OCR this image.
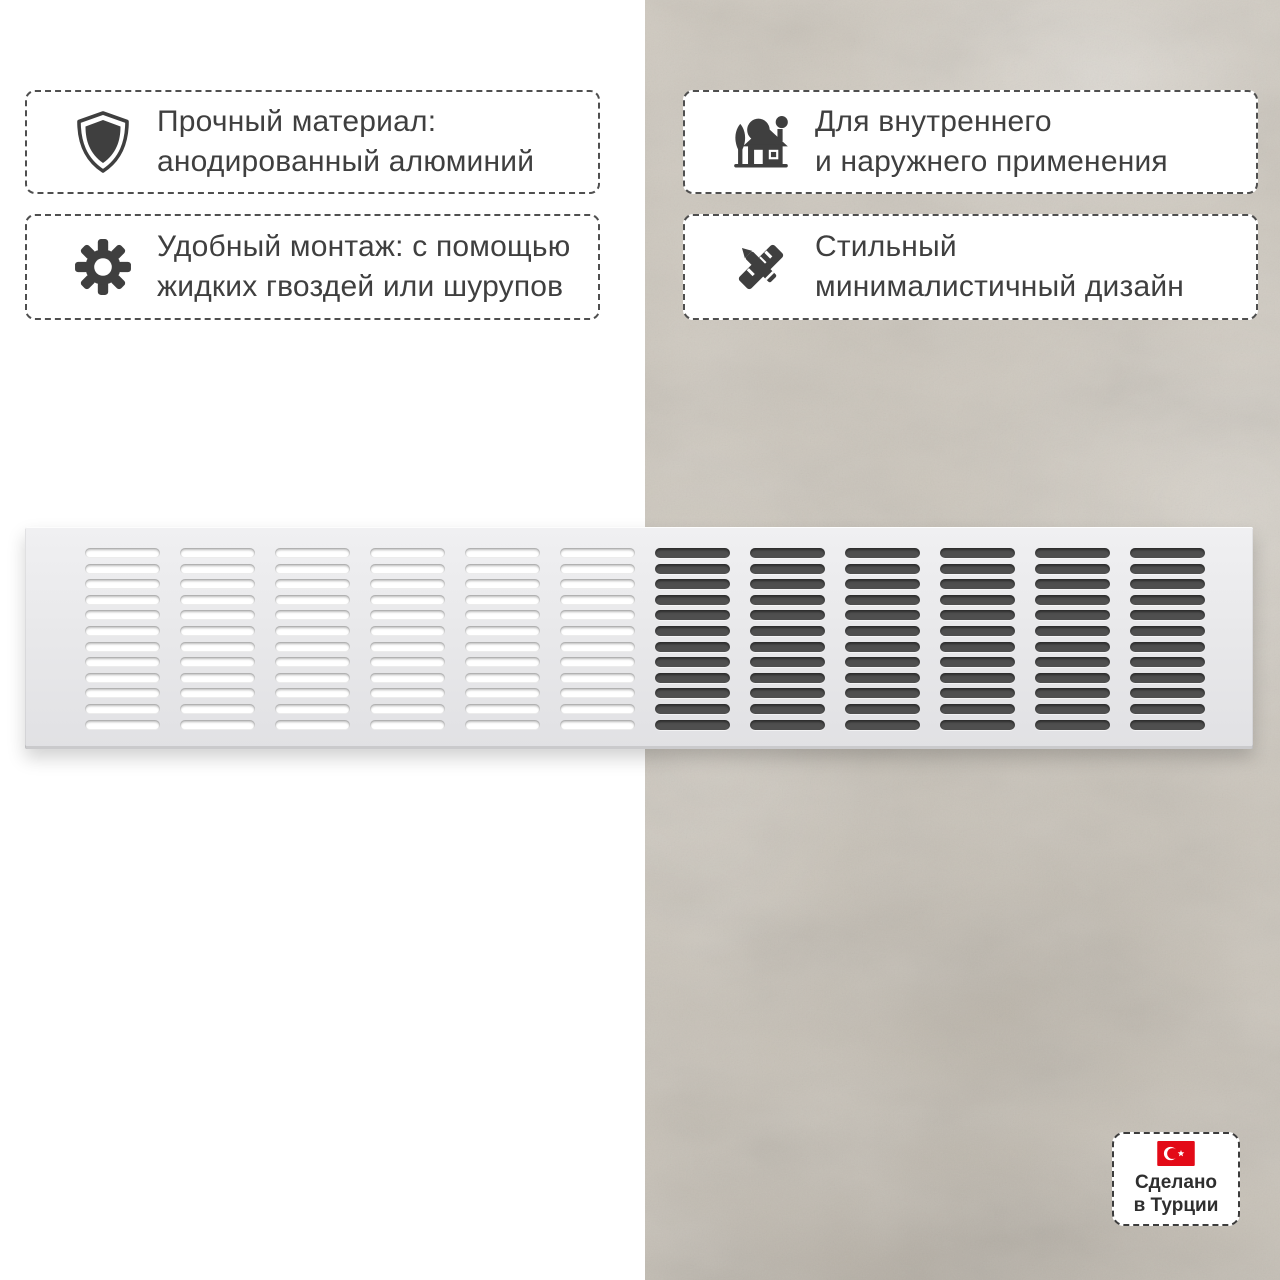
Прочный материал:
анодированный алюминий
Удобный монтаж: с помощью
жидких гвоздей или шурупов
Для внутреннего
и наружнего применения
Стильный
минималистичный дизайн
Сделано
в Турции
